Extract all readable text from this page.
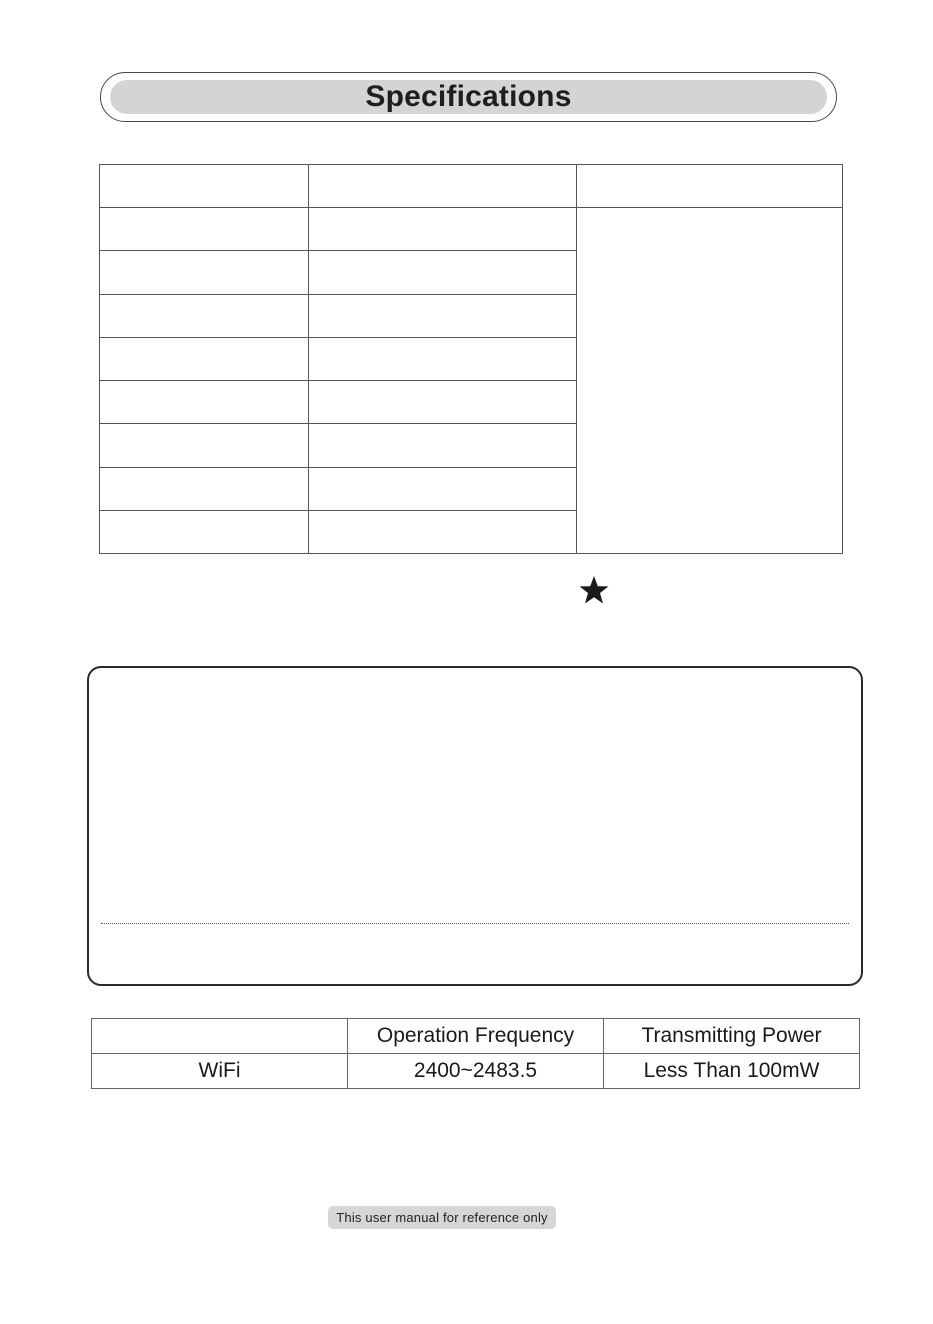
Specifications

	Operation Frequency	Transmitting Power
WiFi	2400~2483.5	Less Than 100mW
This user manual for reference only
